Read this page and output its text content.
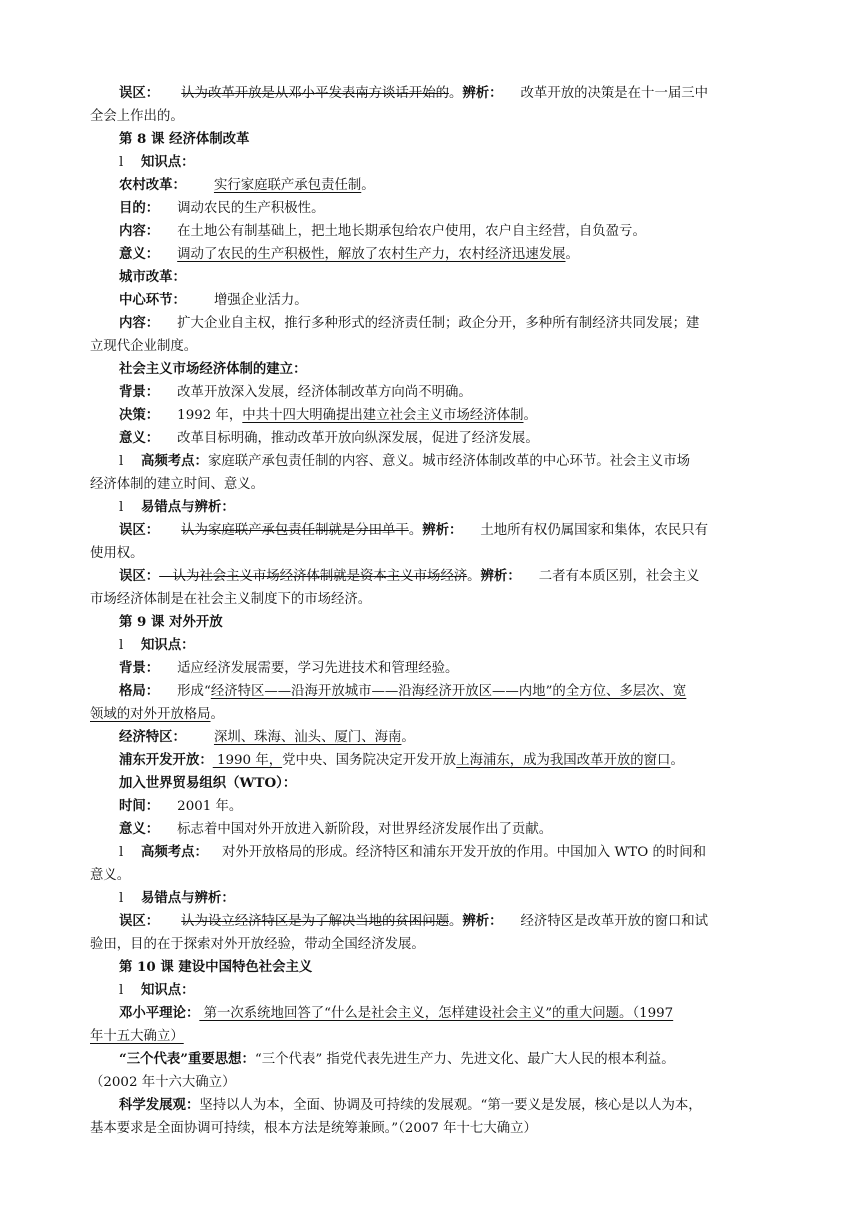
误区： 认为改革开放是从邓小平发表南方谈话开始的。辨析： 改革开放的决策是在十一届三中
全会上作出的。
第 8 课 经济体制改革
l 知识点：
农村改革： 实行家庭联产承包责任制。
目的： 调动农民的生产积极性。
内容： 在土地公有制基础上，把土地长期承包给农户使用，农户自主经营，自负盈亏。
意义： 调动了农民的生产积极性，解放了农村生产力，农村经济迅速发展。
城市改革：
中心环节： 增强企业活力。
内容： 扩大企业自主权，推行多种形式的经济责任制；政企分开，多种所有制经济共同发展；建
立现代企业制度。
社会主义市场经济体制的建立：
背景： 改革开放深入发展，经济体制改革方向尚不明确。
决策： 1992 年，中共十四大明确提出建立社会主义市场经济体制。
意义： 改革目标明确，推动改革开放向纵深发展，促进了经济发展。
l 高频考点：家庭联产承包责任制的内容、意义。城市经济体制改革的中心环节。社会主义市场
经济体制的建立时间、意义。
l 易错点与辨析：
误区： 认为家庭联产承包责任制就是分田单干。辨析： 土地所有权仍属国家和集体，农民只有
使用权。
误区：—认为社会主义市场经济体制就是资本主义市场经济。辨析： 二者有本质区别，社会主义
市场经济体制是在社会主义制度下的市场经济。
第 9 课 对外开放
l 知识点：
背景： 适应经济发展需要，学习先进技术和管理经验。
格局： 形成“经济特区——沿海开放城市——沿海经济开放区——内地”的全方位、多层次、宽
领域的对外开放格局。
经济特区： 深圳、珠海、汕头、厦门、海南。
浦东开发开放： 1990 年，党中央、国务院决定开发开放上海浦东，成为我国改革开放的窗口。
加入世界贸易组织（WTO）：
时间： 2001 年。
意义： 标志着中国对外开放进入新阶段，对世界经济发展作出了贡献。
l 高频考点： 对外开放格局的形成。经济特区和浦东开发开放的作用。中国加入 WTO 的时间和
意义。
l 易错点与辨析：
误区： 认为设立经济特区是为了解决当地的贫困问题。辨析： 经济特区是改革开放的窗口和试
验田，目的在于探索对外开放经验，带动全国经济发展。
第 10 课 建设中国特色社会主义
l 知识点：
邓小平理论： 第一次系统地回答了“什么是社会主义，怎样建设社会主义”的重大问题。（1997
年十五大确立）
“三个代表”重要思想：“三个代表” 指党代表先进生产力、先进文化、最广大人民的根本利益。
（2002 年十六大确立）
科学发展观：坚持以人为本，全面、协调及可持续的发展观。“第一要义是发展，核心是以人为本，
基本要求是全面协调可持续，根本方法是统筹兼顾。”（2007 年十七大确立）
